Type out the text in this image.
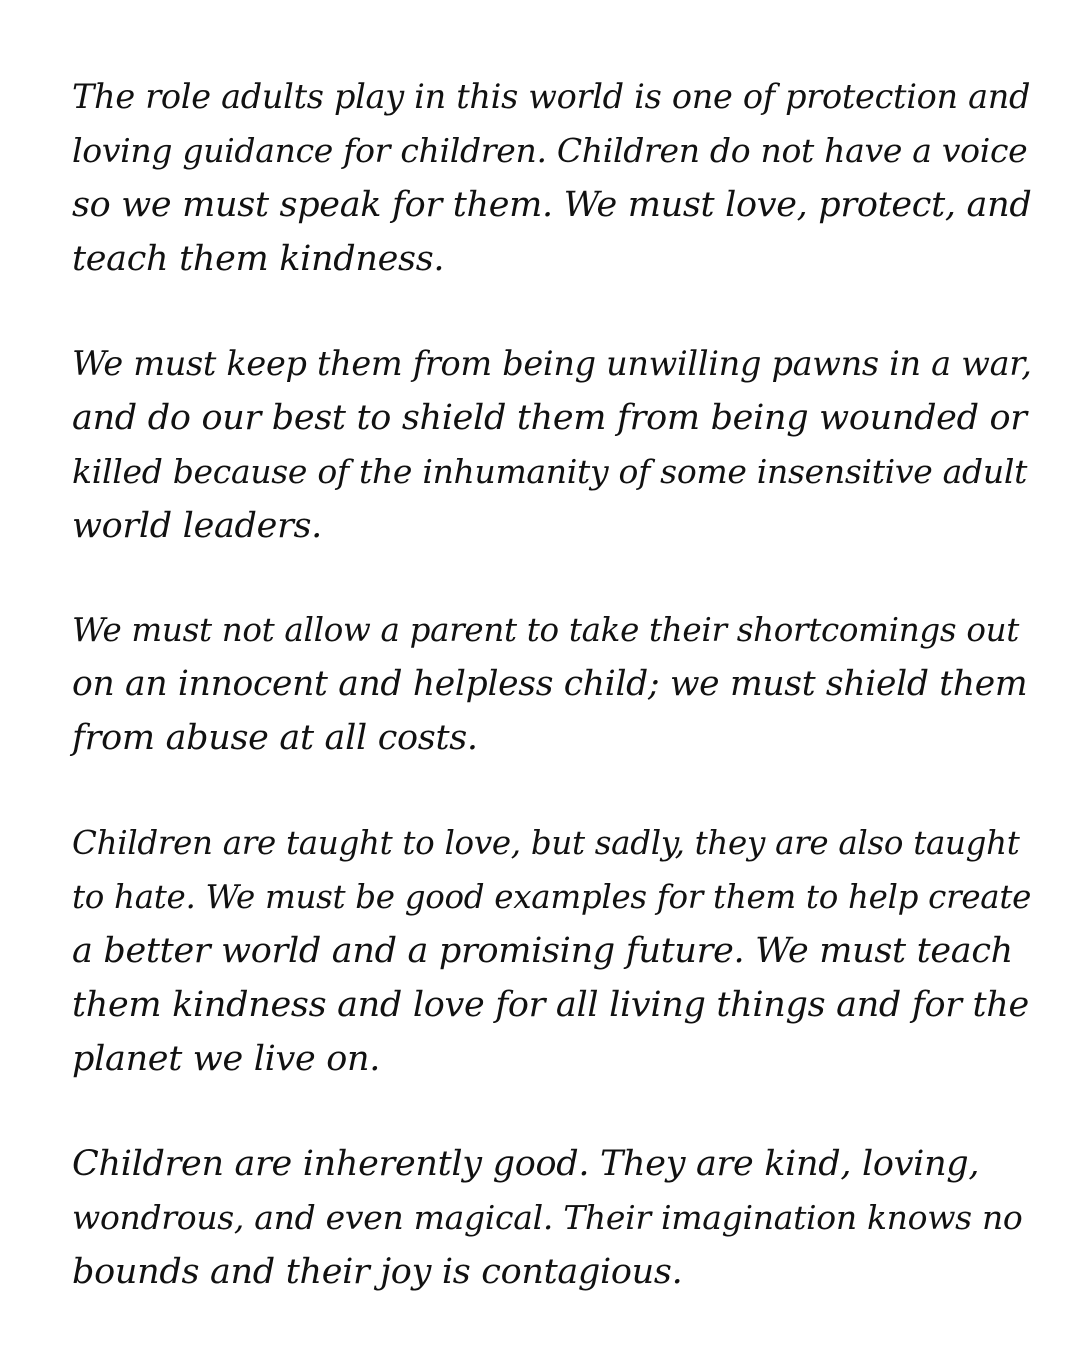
The role adults play in this world is one of protection and
loving guidance for children. Children do not have a voice
so we must speak for them. We must love, protect, and
teach them kindness.

We must keep them from being unwilling pawns in a war,
and do our best to shield them from being wounded or
killed because of the inhumanity of some insensitive adult
world leaders.

We must not allow a parent to take their shortcomings out
on an innocent and helpless child; we must shield them
from abuse at all costs.

Children are taught to love, but sadly, they are also taught
to hate. We must be good examples for them to help create
a better world and a promising future. We must teach
them kindness and love for all living things and for the
planet we live on.

Children are inherently good. They are kind, loving,
wondrous, and even magical. Their imagination knows no
bounds and their joy is contagious.
